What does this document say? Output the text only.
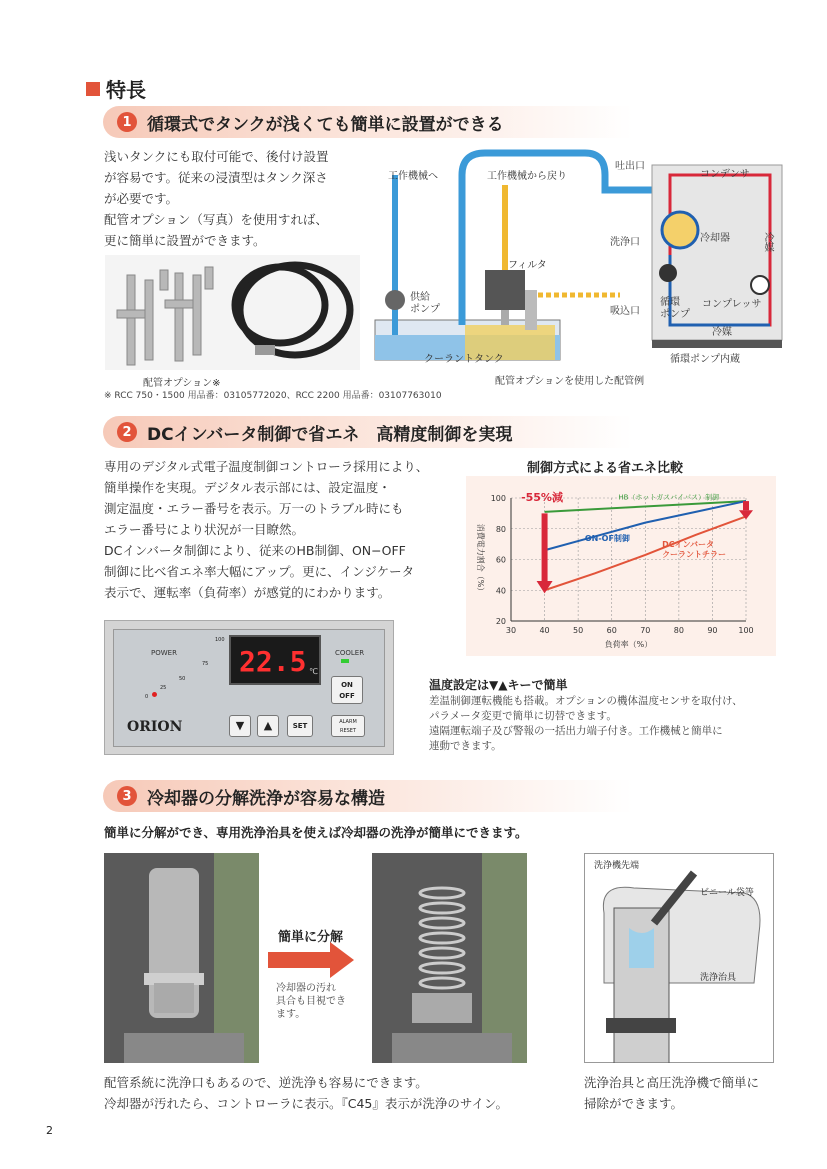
特長
1 循環式でタンクが浅くても簡単に設置ができる
浅いタンクにも取付可能で、後付け設置
が容易です。従来の浸漬型はタンク深さ
が必要です。
配管オプション（写真）を使用すれば、
更に簡単に設置ができます。
配管オプション※
※ RCC 750・1500 用品番：03105772020、RCC 2200 用品番：03107763010
工作機械へ	工作機械から戻り
吐出口
コンデンサ
冷却器
洗浄口
フィルタ
供給
ポンプ	吸込口
循環
ポンプ
コンプレッサ
冷媒
冷媒
クーラントタンク	循環ポンプ内蔵
配管オプションを使用した配管例
2 DCインバータ制御で省エネ　高精度制御を実現
専用のデジタル式電子温度制御コントローラ採用により、
簡単操作を実現。デジタル表示部には、設定温度・
測定温度・エラー番号を表示。万一のトラブル時にも
エラー番号により状況が一目瞭然。
DCインバータ制御により、従来のHB制御、ON−OFF
制御に比べ省エネ率大幅にアップ。更に、インジケータ
表示で、運転率（負荷率）が感覚的にわかります。
POWER
100
75
50
25
0
22.5 ℃
COOLER
ON
OFF
ORION	▼	▲	SET	ALARM
RESET
制御方式による省エネ比較
30	40	50	60	70	80	90	100
20
40
60
80
100
負荷率（%）
消費電力割合（%）
-55%減	HB（ホットガスバイパス）制御
ON-OF制御
DCインバータ
クーラントチラー
温度設定は▼▲キーで簡単
差温制御運転機能も搭載。オプションの機体温度センサを取付け、
パラメータ変更で簡単に切替できます。
遠隔運転端子及び警報の一括出力端子付き。工作機械と簡単に
連動できます。
3 冷却器の分解洗浄が容易な構造
簡単に分解ができ、専用洗浄治具を使えば冷却器の洗浄が簡単にできます。
簡単に分解
冷却器の汚れ
具合も目視でき
ます。
洗浄機先端
ビニール袋等
洗浄治具
配管系統に洗浄口もあるので、逆洗浄も容易にできます。
冷却器が汚れたら、コントローラに表示。『C45』表示が洗浄のサイン。
洗浄治具と高圧洗浄機で簡単に
掃除ができます。
2
